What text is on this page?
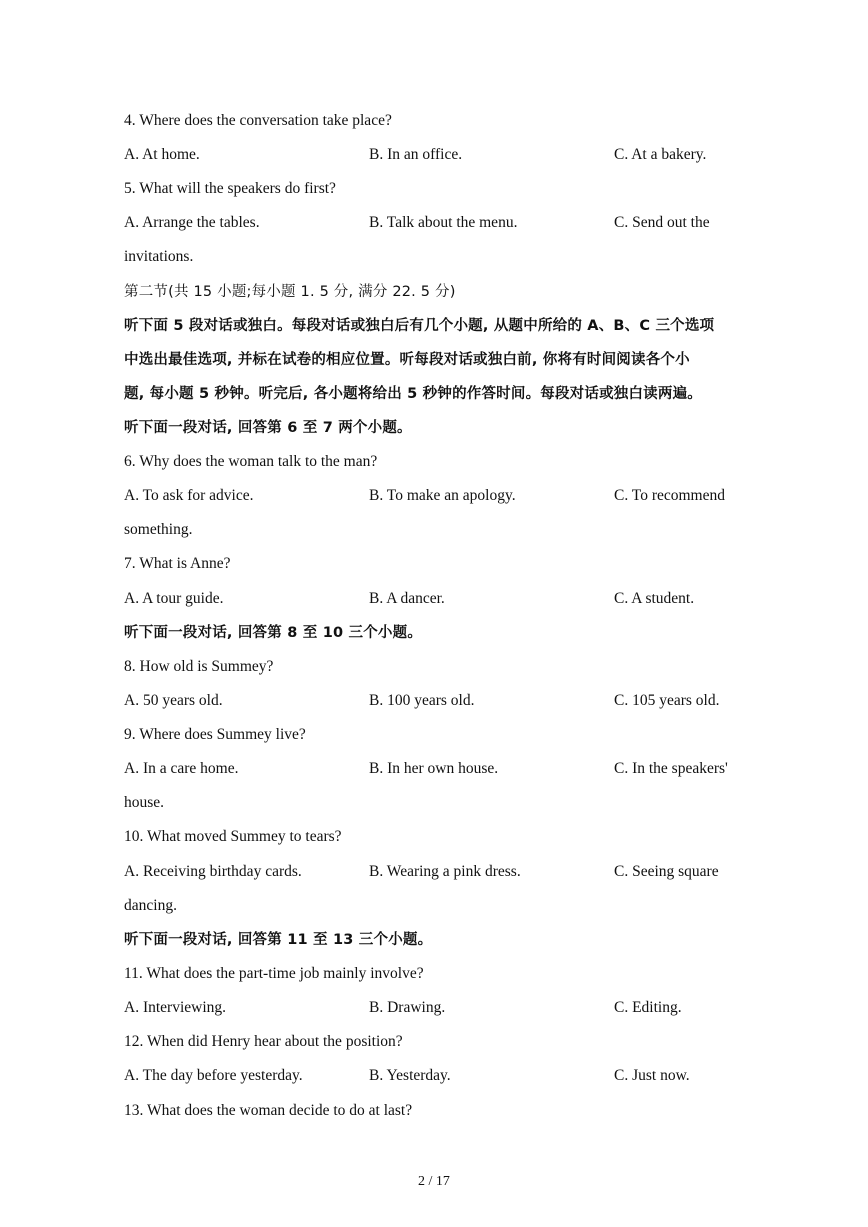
4. Where does the conversation take place?
A. At home.	B. In an office.	C. At a bakery.
5. What will the speakers do first?
A. Arrange the tables.	B. Talk about the menu.	C. Send out the
invitations.
第二节(共 15 小题;每小题 1. 5 分, 满分 22. 5 分)
听下面 5 段对话或独白。每段对话或独白后有几个小题, 从题中所给的 A、B、C 三个选项
中选出最佳选项, 并标在试卷的相应位置。听每段对话或独白前, 你将有时间阅读各个小
题, 每小题 5 秒钟。听完后, 各小题将给出 5 秒钟的作答时间。每段对话或独白读两遍。
听下面一段对话, 回答第 6 至 7 两个小题。
6. Why does the woman talk to the man?
A. To ask for advice.	B. To make an apology.	C. To recommend
something.
7. What is Anne?
A. A tour guide.	B. A dancer.	C. A student.
听下面一段对话, 回答第 8 至 10 三个小题。
8. How old is Summey?
A. 50 years old.	B. 100 years old.	C. 105 years old.
9. Where does Summey live?
A. In a care home.	B. In her own house.	C. In the speakers'
house.
10. What moved Summey to tears?
A. Receiving birthday cards.	B. Wearing a pink dress.	C. Seeing square
dancing.
听下面一段对话, 回答第 11 至 13 三个小题。
11. What does the part-time job mainly involve?
A. Interviewing.	B. Drawing.	C. Editing.
12. When did Henry hear about the position?
A. The day before yesterday.	B. Yesterday.	C. Just now.
13. What does the woman decide to do at last?
2 / 17
